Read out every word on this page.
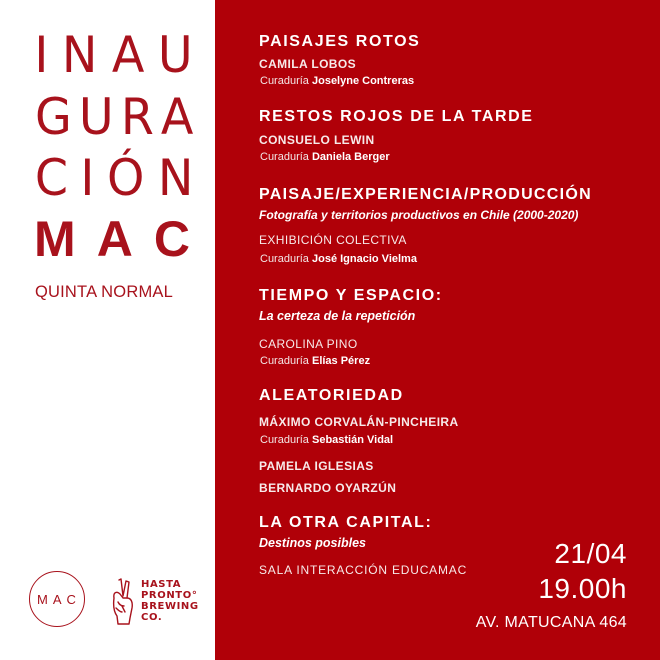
I N A U
G U R A
C I Ó N
M A C
QUINTA NORMAL
MAC
HASTA
PRONTO°
BREWING
CO.
PAISAJES ROTOS
CAMILA LOBOS
Curaduría Joselyne Contreras
RESTOS ROJOS DE LA TARDE
CONSUELO LEWIN
Curaduría Daniela Berger
PAISAJE/EXPERIENCIA/PRODUCCIÓN
Fotografía y territorios productivos en Chile (2000-2020)
EXHIBICIÓN COLECTIVA
Curaduría José Ignacio Vielma
TIEMPO Y ESPACIO:
La certeza de la repetición
CAROLINA PINO
Curaduría Elías Pérez
ALEATORIEDAD
MÁXIMO CORVALÁN-PINCHEIRA
Curaduría Sebastián Vidal
PAMELA IGLESIAS
BERNARDO OYARZÚN
LA OTRA CAPITAL:
Destinos posibles
SALA INTERACCIÓN EDUCAMAC
21/04
19.00h
AV. MATUCANA 464
